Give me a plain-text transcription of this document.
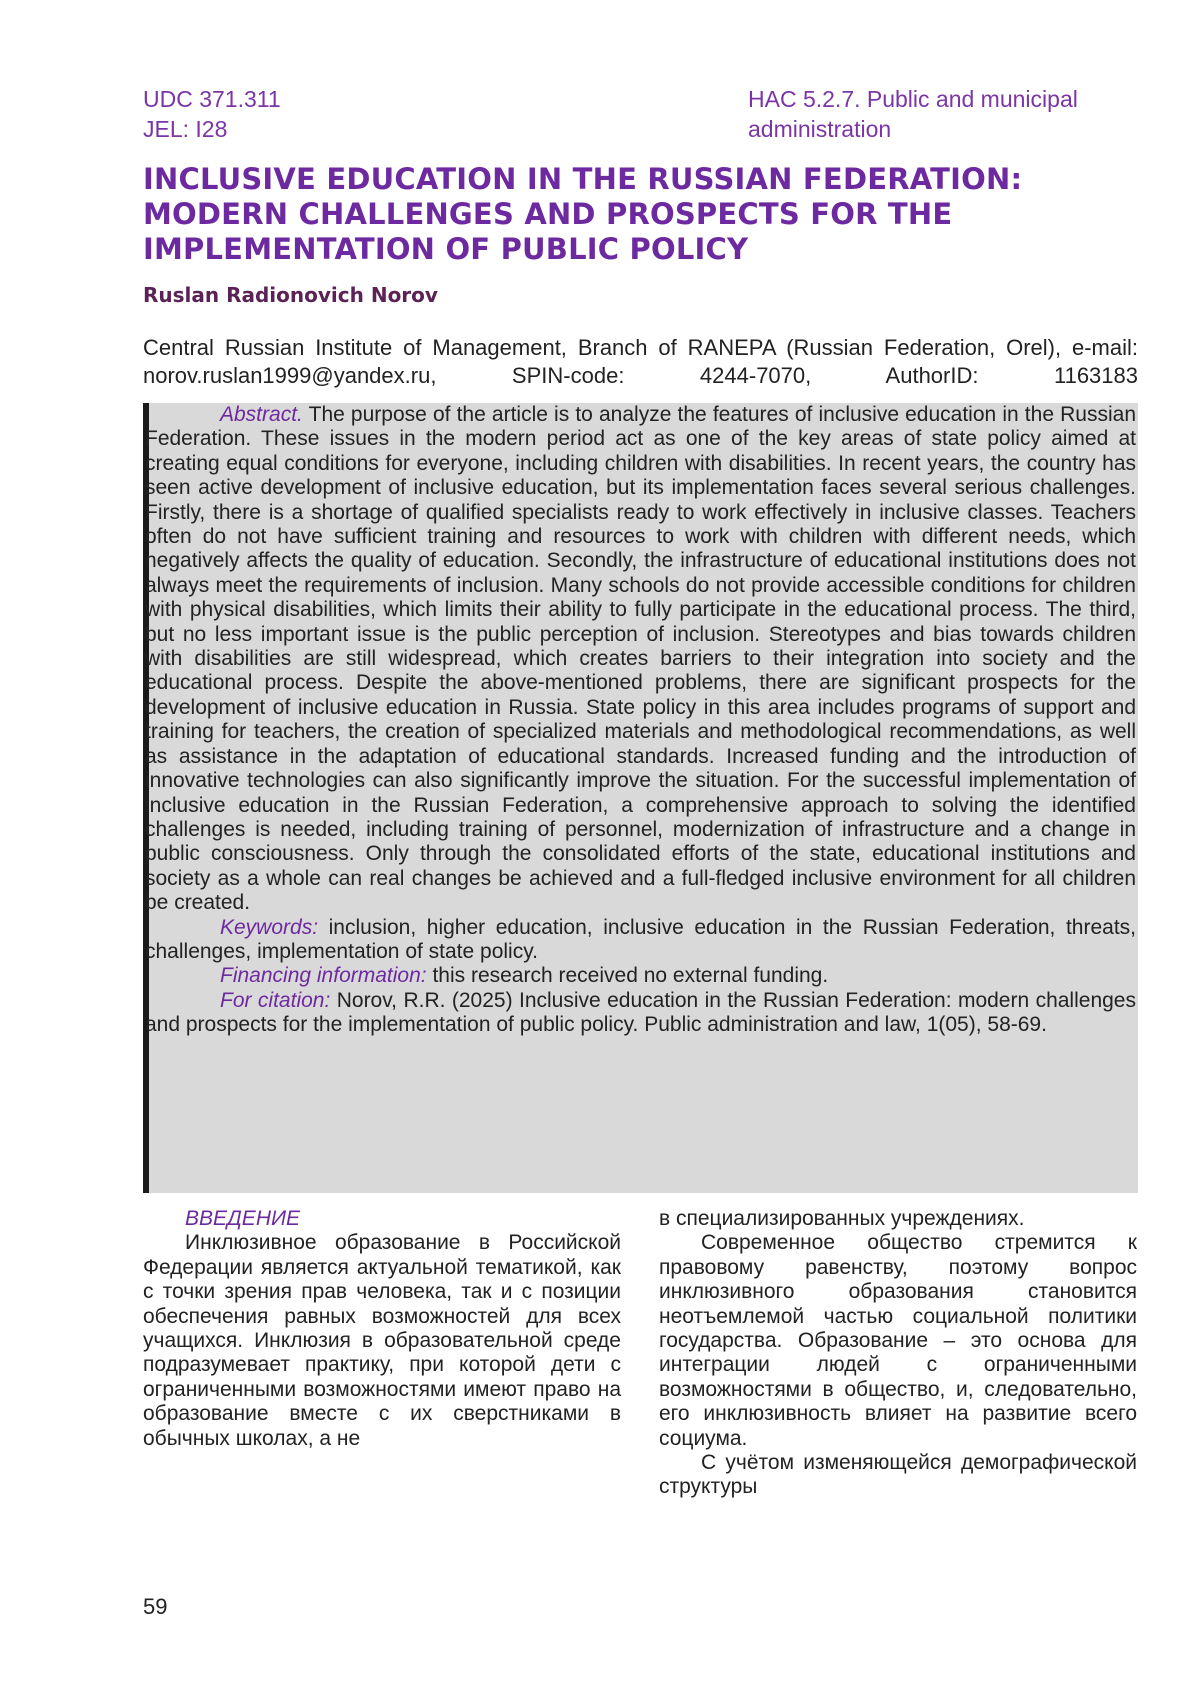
UDC 371.311
JEL: I28
HAC 5.2.7. Public and municipal
administration
INCLUSIVE EDUCATION IN THE RUSSIAN FEDERATION: MODERN CHALLENGES AND PROSPECTS FOR THE IMPLEMENTATION OF PUBLIC POLICY
Ruslan Radionovich Norov
Central Russian Institute of Management, Branch of RANEPA (Russian Federation, Orel), e-mail: norov.ruslan1999@yandex.ru, SPIN-code: 4244-7070, AuthorID: 1163183

Abstract. The purpose of the article is to analyze the features of inclusive education in the Russian Federation. These issues in the modern period act as one of the key areas of state policy aimed at creating equal conditions for everyone, including children with disabilities. In recent years, the country has seen active development of inclusive education, but its implementation faces several serious challenges. Firstly, there is a shortage of qualified specialists ready to work effectively in inclusive classes. Teachers often do not have sufficient training and resources to work with children with different needs, which negatively affects the quality of education. Secondly, the infrastructure of educational institutions does not always meet the requirements of inclusion. Many schools do not provide accessible conditions for children with physical disabilities, which limits their ability to fully participate in the educational process. The third, but no less important issue is the public perception of inclusion. Stereotypes and bias towards children with disabilities are still widespread, which creates barriers to their integration into society and the educational process. Despite the above-mentioned problems, there are significant prospects for the development of inclusive education in Russia. State policy in this area includes programs of support and training for teachers, the creation of specialized materials and methodological recommendations, as well as assistance in the adaptation of educational standards. Increased funding and the introduction of innovative technologies can also significantly improve the situation. For the successful implementation of inclusive education in the Russian Federation, a comprehensive approach to solving the identified challenges is needed, including training of personnel, modernization of infrastructure and a change in public consciousness. Only through the consolidated efforts of the state, educational institutions and society as a whole can real changes be achieved and a full-fledged inclusive environment for all children be created.

Keywords: inclusion, higher education, inclusive education in the Russian Federation, threats, challenges, implementation of state policy.

Financing information: this research received no external funding.

For citation: Norov, R.R. (2025) Inclusive education in the Russian Federation: modern challenges and prospects for the implementation of public policy. Public administration and law, 1(05), 58-69.

ВВЕДЕНИЕ

Инклюзивное образование в Российской Федерации является актуальной тематикой, как с точки зрения прав человека, так и с позиции обеспечения равных возможностей для всех учащихся. Инклюзия в образовательной среде подразумевает практику, при которой дети с ограниченными возможностями имеют право на образование вместе с их сверстниками в обычных школах, а не

в специализированных учреждениях.

Современное общество стремится к правовому равенству, поэтому вопрос инклюзивного образования становится неотъемлемой частью социальной политики государства. Образование – это основа для интеграции людей с ограниченными возможностями в общество, и, следовательно, его инклюзивность влияет на развитие всего социума.

С учётом изменяющейся демографической структуры

59
